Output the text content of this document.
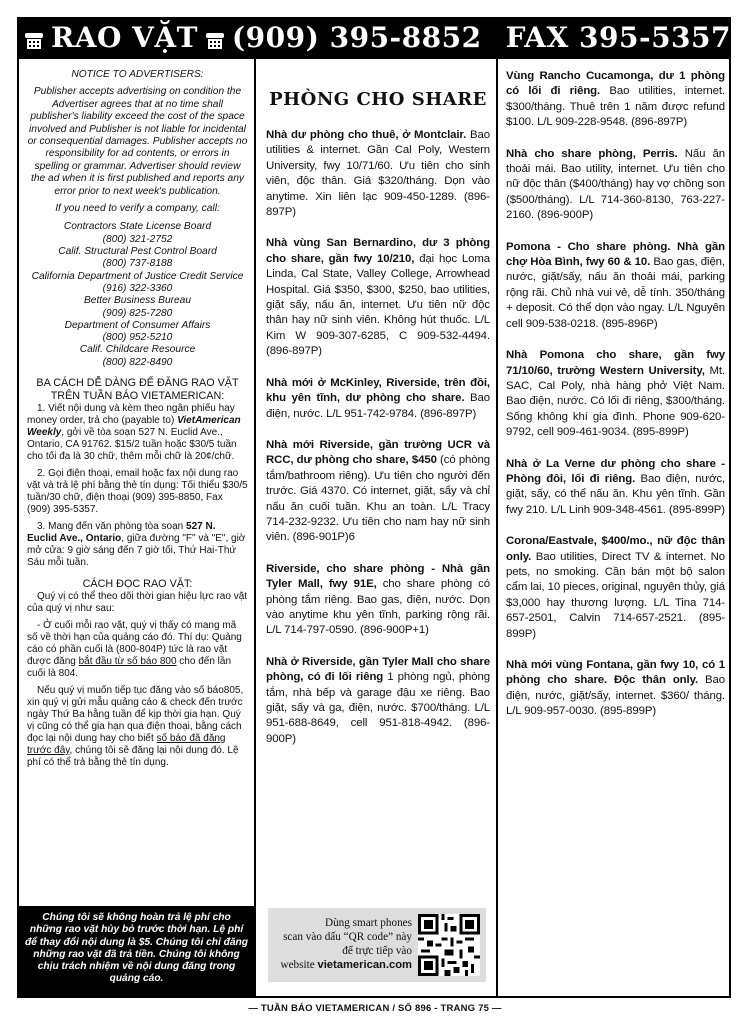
RAO VẶT (909) 395-8852 FAX 395-5357

NOTICE TO ADVERTISERS:

Publisher accepts advertising on condition the Advertiser agrees that at no time shall publisher's liability exceed the cost of the space involved and Publisher is not liable for incidental or consequential damages. Publisher accepts no responsibility for ad contents, or errors in spelling or grammar. Advertiser should review the ad when it is first published and reports any error prior to next week's publication.

If you need to verify a company, call:

Contractors State License Board
(800) 321-2752
Calif. Structural Pest Control Board
(800) 737-8188
California Department of Justice Credit Service
(916) 322-3360
Better Business Bureau
(909) 825-7280
Department of Consumer Affairs
(800) 952-5210
Calif. Childcare Resource
(800) 822-8490
BA CÁCH DỄ DÀNG ĐỂ ĐĂNG RAO VẶT TRÊN TUẦN BÁO VIETAMERICAN:

1. Viết nội dung và kèm theo ngân phiếu hay money order, trả cho (payable to) VietAmerican Weekly, gởi về tòa soạn 527 N. Euclid Ave., Ontario, CA 91762. $15/2 tuần hoặc $30/5 tuần cho tối đa là 30 chữ, thêm mỗi chữ là 20¢/chữ.

2. Gọi điện thoại, email hoặc fax nội dung rao vặt và trả lệ phí bằng thẻ tín dụng: Tối thiểu $30/5 tuần/30 chữ, điện thoại (909) 395-8850, Fax (909) 395-5357.

3. Mang đến văn phòng tòa soạn 527 N. Euclid Ave., Ontario, giữa đường "F" và "E", giờ mở cửa: 9 giờ sáng đến 7 giờ tối, Thứ Hai-Thứ Sáu mỗi tuần.

CÁCH ĐỌC RAO VẶT:

Quý vị có thể theo dõi thời gian hiệu lực rao vặt của quý vị như sau:

- Ở cuối mỗi rao vặt, quý vị thấy có mang mã số về thời hạn của quảng cáo đó. Thí dụ: Quảng cáo có phần cuối là (800-804P) tức là rao vặt được đăng bắt đầu từ số báo 800 cho đến lần cuối là 804.

Nếu quý vị muốn tiếp tục đăng vào số báo805, xin quý vị gửi mẫu quảng cáo & check đến trước ngày Thứ Ba hằng tuần để kịp thời gia hạn. Quý vị cũng có thể gia hạn qua điện thoại, bằng cách đọc lại nội dung hay cho biết số báo đã đăng trước đây, chúng tôi sẽ đăng lại nội dung đó. Lệ phí có thể trả bằng thẻ tín dụng.

Chúng tôi sẽ không hoàn trả lệ phí cho những rao vặt hủy bỏ trước thời hạn. Lệ phí để thay đổi nội dung là $5. Chúng tôi chỉ đăng những rao vặt đã trả tiền. Chúng tôi không chịu trách nhiệm về nội dung đăng trong quảng cáo.
PHÒNG CHO SHARE

Nhà dư phòng cho thuê, ở Montclair. Bao utilities & internet. Gần Cal Poly, Western University, fwy 10/71/60. Ưu tiên cho sinh viên, độc thân. Giá $320/tháng. Dọn vào anytime. Xin liên lạc 909-450-1289. (896-897P)

Nhà vùng San Bernardino, dư 3 phòng cho share, gần fwy 10/210, đại học Loma Linda, Cal State, Valley College, Arrowhead Hospital. Giá $350, $300, $250, bao utilities, giặt sấy, nấu ăn, internet. Ưu tiên nữ độc thân hay nữ sinh viên. Không hút thuốc. L/L Kim W 909-307-6285, C 909-532-4494. (896-897P)

Nhà mới ở McKinley, Riverside, trên đồi, khu yên tĩnh, dư phòng cho share. Bao điện, nước. L/L 951-742-9784. (896-897P)

Nhà mới Riverside, gần trường UCR và RCC, dư phòng cho share, $450 (có phòng tắm/bathroom riêng). Ưu tiên cho người đến trước. Giá 4370. Có internet, giặt, sấy và chỉ nấu ăn cuối tuần. Khu an toàn. L/L Tracy 714-232-9232. Ưu tiên cho nam hay nữ sinh viên. (896-901P)6

Riverside, cho share phòng - Nhà gần Tyler Mall, fwy 91E, cho share phòng có phòng tắm riêng. Bao gas, điện, nước. Dọn vào anytime khu yên tĩnh, parking rộng rãi. L/L 714-797-0590. (896-900P+1)

Nhà ở Riverside, gần Tyler Mall cho share phòng, có đi lối riêng 1 phòng ngủ, phòng tắm, nhà bếp và garage đậu xe riêng. Bao giặt, sấy và ga, điện, nước. $700/tháng. L/L 951-688-8649, cell 951-818-4942. (896-900P)

Dùng smart phones
scan vào dấu “QR code” này
để trực tiếp vào
website vietamerican.com

Vùng Rancho Cucamonga, dư 1 phòng có lối đi riêng. Bao utilities, internet. $300/tháng. Thuê trên 1 năm được refund $100. L/L 909-228-9548. (896-897P)

Nhà cho share phòng, Perris. Nấu ăn thoải mái. Bao utility, internet. Ưu tiên cho nữ độc thân ($400/tháng) hay vợ chồng son ($500/tháng). L/L 714-360-8130, 763-227-2160. (896-900P)

Pomona - Cho share phòng. Nhà gần chợ Hòa Bình, fwy 60 & 10. Bao gas, điện, nước, giặt/sấy, nấu ăn thoải mái, parking rộng rãi. Chủ nhà vui vẻ, dễ tính. 350/tháng + deposit. Có thể dọn vào ngay. L/L Nguyên cell 909-538-0218. (895-896P)

Nhà Pomona cho share, gần fwy 71/10/60, trường Western University, Mt. SAC, Cal Poly, nhà hàng phở Việt Nam. Bao điện, nước. Có lối đi riêng, $300/tháng. Sống không khí gia đình. Phone 909-620-9792, cell 909-461-9034. (895-899P)

Nhà ở La Verne dư phòng cho share - Phòng đôi, lối đi riêng. Bao điện, nước, giặt, sấy, có thể nấu ăn. Khu yên tĩnh. Gần fwy 210. L/L Linh 909-348-4561. (895-899P)

Corona/Eastvale, $400/mo., nữ độc thân only. Bao utilities, Direct TV & internet. No pets, no smoking. Cần bán một bộ salon cẩm lai, 10 pieces, original, nguyên thủy, giá $3,000 hay thương lượng. L/L Tina 714-657-2501, Calvin 714-657-2521. (895-899P)

Nhà mới vùng Fontana, gần fwy 10, có 1 phòng cho share. Độc thân only. Bao điện, nước, giặt/sấy, internet. $360/ tháng. L/L 909-957-0030. (895-899P)

— TUẦN BÁO VIETAMERICAN / SỐ 896 - TRANG 75 —
